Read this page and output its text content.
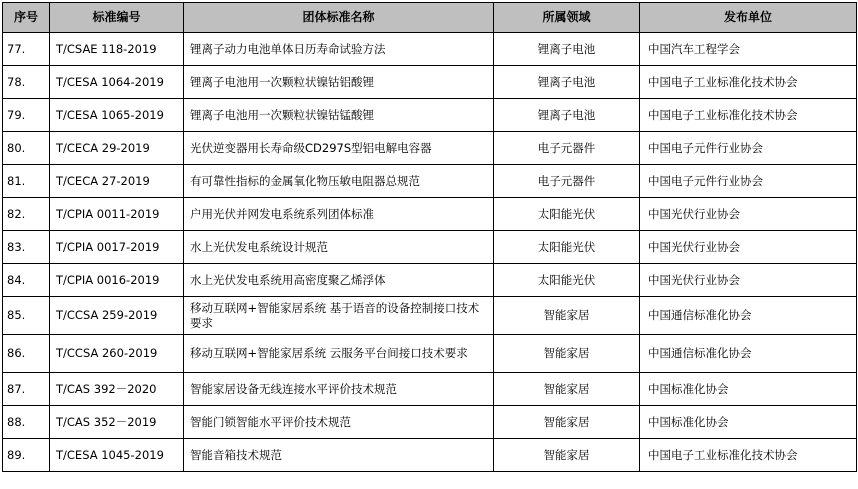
序号	标准编号	团体标准名称	所属领域	发布单位
77.	T/CSAE 118-2019	锂离子动力电池单体日历寿命试验方法	锂离子电池	中国汽车工程学会
78.	T/CESA 1064-2019	锂离子电池用一次颗粒状镍钴铝酸锂	锂离子电池	中国电子工业标准化技术协会
79.	T/CESA 1065-2019	锂离子电池用一次颗粒状镍钴锰酸锂	锂离子电池	中国电子工业标准化技术协会
80.	T/CECA 29-2019	光伏逆变器用长寿命级CD297S型铝电解电容器	电子元器件	中国电子元件行业协会
81.	T/CECA 27-2019	有可靠性指标的金属氧化物压敏电阻器总规范	电子元器件	中国电子元件行业协会
82.	T/CPIA 0011-2019	户用光伏并网发电系统系列团体标准	太阳能光伏	中国光伏行业协会
83.	T/CPIA 0017-2019	水上光伏发电系统设计规范	太阳能光伏	中国光伏行业协会
84.	T/CPIA 0016-2019	水上光伏发电系统用高密度聚乙烯浮体	太阳能光伏	中国光伏行业协会
85.	T/CCSA 259-2019	移动互联网+智能家居系统 基于语音的设备控制接口技术要求	智能家居	中国通信标准化协会
86.	T/CCSA 260-2019	移动互联网+智能家居系统 云服务平台间接口技术要求	智能家居	中国通信标准化协会
87.	T/CAS 392－2020	智能家居设备无线连接水平评价技术规范	智能家居	中国标准化协会
88.	T/CAS 352－2019	智能门锁智能水平评价技术规范	智能家居	中国标准化协会
89.	T/CESA 1045-2019	智能音箱技术规范	智能家居	中国电子工业标准化技术协会
